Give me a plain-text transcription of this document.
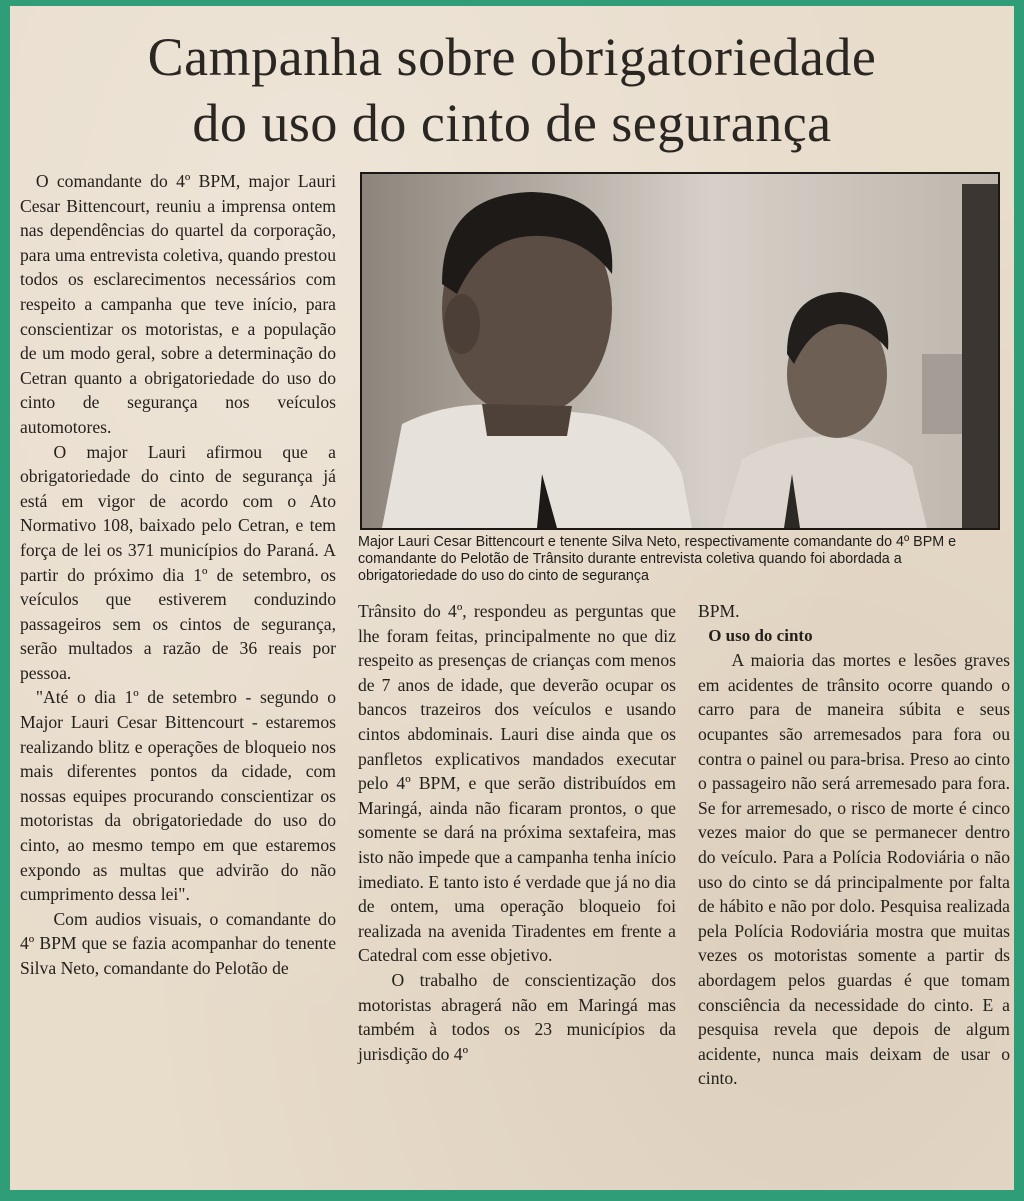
Campanha sobre obrigatoriedade
do uso do cinto de segurança

O comandante do 4º BPM, major Lauri Cesar Bittencourt, reuniu a imprensa ontem nas dependências do quartel da corporação, para uma entrevista coletiva, quando prestou todos os esclarecimentos necessários com respeito a campanha que teve início, para conscientizar os motoristas, e a população de um modo geral, sobre a determinação do Cetran quanto a obrigatoriedade do uso do cinto de segurança nos veículos automotores.

O major Lauri afirmou que a obrigatoriedade do cinto de segurança já está em vigor de acordo com o Ato Normativo 108, baixado pelo Cetran, e tem força de lei os 371 municípios do Paraná. A partir do próximo dia 1º de setembro, os veículos que estiverem conduzindo passageiros sem os cintos de segurança, serão multados a razão de 36 reais por pessoa.

"Até o dia 1º de setembro - segundo o Major Lauri Cesar Bittencourt - estaremos realizando blitz e operações de bloqueio nos mais diferentes pontos da cidade, com nossas equipes procurando conscientizar os motoristas da obrigatoriedade do uso do cinto, ao mesmo tempo em que estaremos expondo as multas que advirão do não cumprimento dessa lei".

Com audios visuais, o comandante do 4º BPM que se fazia acompanhar do tenente Silva Neto, comandante do Pelotão de

Major Lauri Cesar Bittencourt e tenente Silva Neto, respectivamente comandante do 4º BPM e comandante do Pelotão de Trânsito durante entrevista coletiva quando foi abordada a obrigatoriedade do uso do cinto de segurança

Trânsito do 4º, respondeu as perguntas que lhe foram feitas, principalmente no que diz respeito as presenças de crianças com menos de 7 anos de idade, que deverão ocupar os bancos trazeiros dos veículos e usando cintos abdominais. Lauri dise ainda que os panfletos explicativos mandados executar pelo 4º BPM, e que serão distribuídos em Maringá, ainda não ficaram prontos, o que somente se dará na próxima sextafeira, mas isto não impede que a campanha tenha início imediato. E tanto isto é verdade que já no dia de ontem, uma operação bloqueio foi realizada na avenida Tiradentes em frente a Catedral com esse objetivo.

O trabalho de conscientização dos motoristas abragerá não em Maringá mas também à todos os 23 municípios da jurisdição do 4º

BPM.

O uso do cinto

A maioria das mortes e lesões graves em acidentes de trânsito ocorre quando o carro para de maneira súbita e seus ocupantes são arremesados para fora ou contra o painel ou para-brisa. Preso ao cinto o passageiro não será arremesado para fora. Se for arremesado, o risco de morte é cinco vezes maior do que se permanecer dentro do veículo. Para a Polícia Rodoviária o não uso do cinto se dá principalmente por falta de hábito e não por dolo. Pesquisa realizada pela Polícia Rodoviária mostra que muitas vezes os motoristas somente a partir ds abordagem pelos guardas é que tomam consciência da necessidade do cinto. E a pesquisa revela que depois de algum acidente, nunca mais deixam de usar o cinto.
